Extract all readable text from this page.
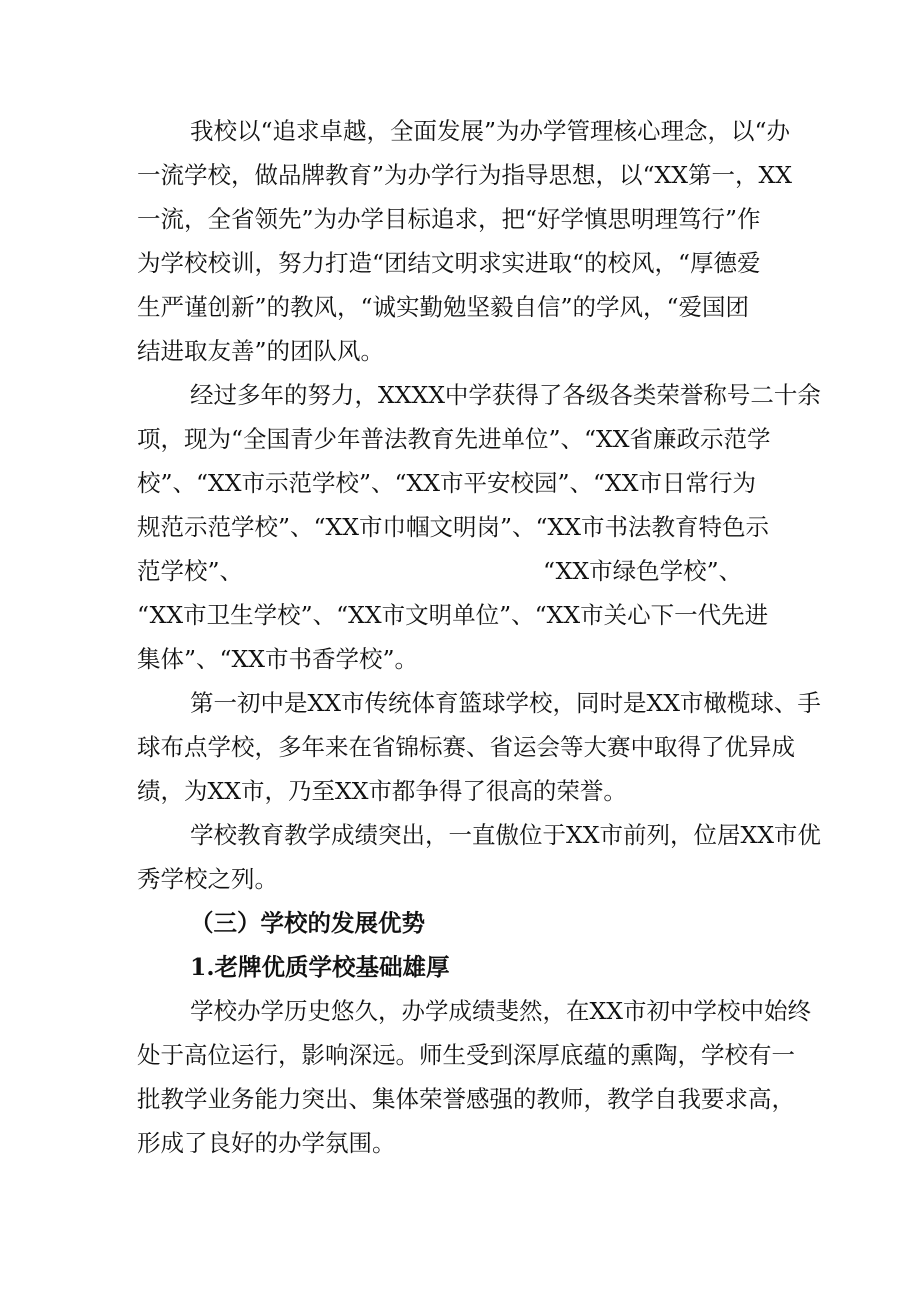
我校以“追求卓越，全面发展”为办学管理核心理念，以“办
一流学校，做品牌教育”为办学行为指导思想，以“XX第一，XX
一流，全省领先”为办学目标追求，把“好学慎思明理笃行”作
为学校校训，努力打造“团结文明求实进取“的校风，“厚德爱
生严谨创新”的教风，“诚实勤勉坚毅自信”的学风，“爱国团
结进取友善”的团队风。
经过多年的努力，XXXX中学获得了各级各类荣誉称号二十余
项，现为“全国青少年普法教育先进单位”、“XX省廉政示范学
校”、“XX市示范学校”、“XX市平安校园”、“XX市日常行为
规范示范学校”、“XX市巾帼文明岗”、“XX市书法教育特色示
范学校”、	“XX市绿色学校”、
“XX市卫生学校”、“XX市文明单位”、“XX市关心下一代先进
集体”、“XX市书香学校”。
第一初中是XX市传统体育篮球学校，同时是XX市橄榄球、手
球布点学校，多年来在省锦标赛、省运会等大赛中取得了优异成
绩，为XX市，乃至XX市都争得了很高的荣誉。
学校教育教学成绩突出，一直傲位于XX市前列，位居XX市优
秀学校之列。
（三）学校的发展优势
1.老牌优质学校基础雄厚
学校办学历史悠久，办学成绩斐然，在XX市初中学校中始终
处于高位运行，影响深远。师生受到深厚底蕴的熏陶，学校有一
批教学业务能力突出、集体荣誉感强的教师，教学自我要求高，
形成了良好的办学氛围。
